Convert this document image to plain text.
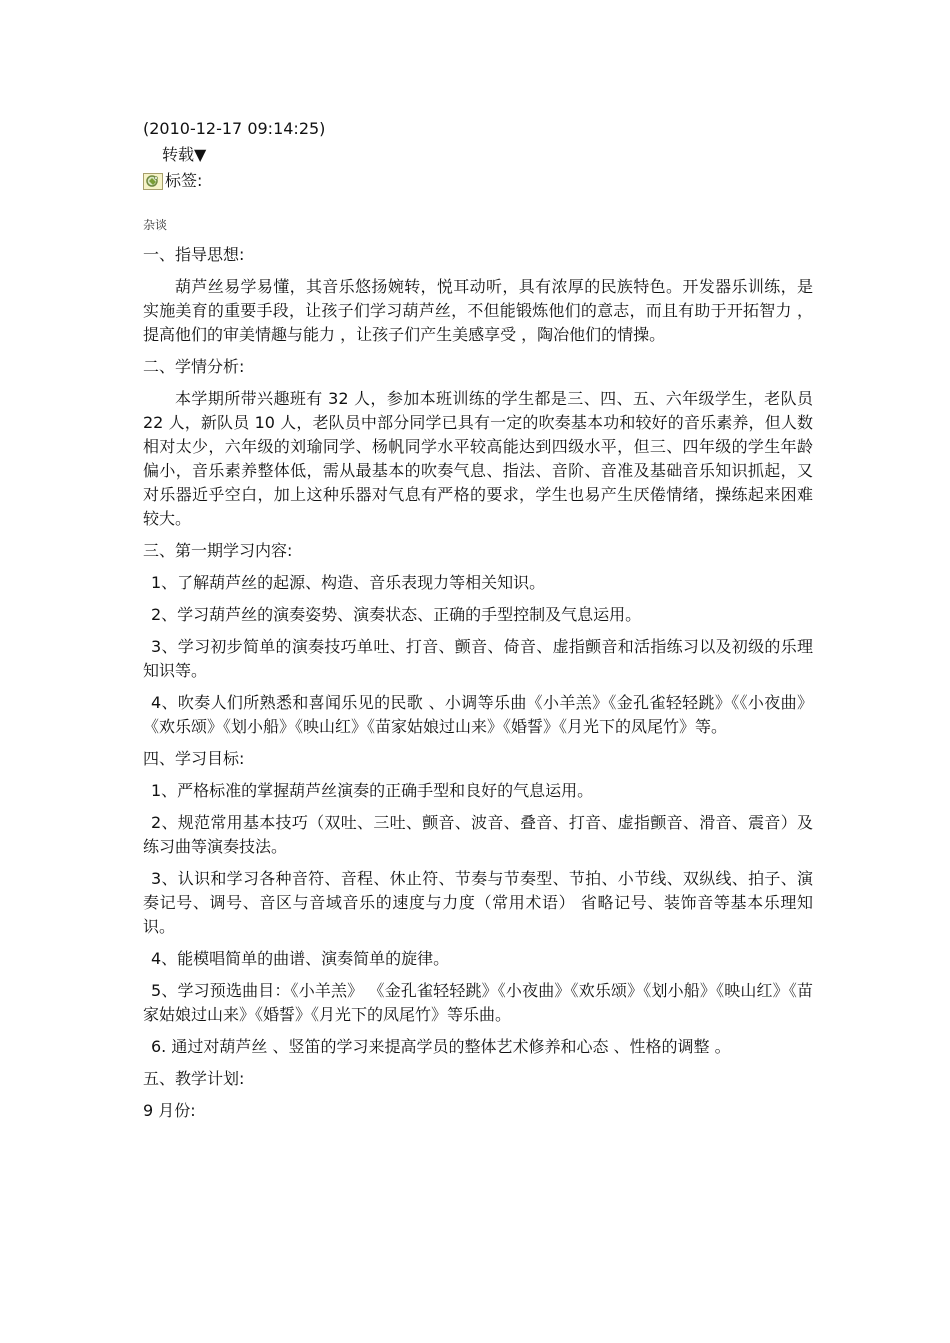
(2010-12-17 09:14:25)
转载▼
标签:
杂谈

一、指导思想:

葫芦丝易学易懂，其音乐悠扬婉转，悦耳动听，具有浓厚的民族特色。开发器乐训练，是实施美育的重要手段，让孩子们学习葫芦丝，不但能锻炼他们的意志，而且有助于开拓智力 ，提高他们的审美情趣与能力 ，让孩子们产生美感享受 ，陶冶他们的情操。

二、学情分析:

本学期所带兴趣班有 32 人，参加本班训练的学生都是三、四、五、六年级学生，老队员 22 人，新队员 10 人，老队员中部分同学已具有一定的吹奏基本功和较好的音乐素养，但人数相对太少，六年级的刘瑜同学、杨帆同学水平较高能达到四级水平，但三、四年级的学生年龄偏小，音乐素养整体低，需从最基本的吹奏气息、指法、音阶、音准及基础音乐知识抓起，又对乐器近乎空白，加上这种乐器对气息有严格的要求，学生也易产生厌倦情绪，操练起来困难较大。

三、第一期学习内容:

1、了解葫芦丝的起源、构造、音乐表现力等相关知识。

2、学习葫芦丝的演奏姿势、演奏状态、正确的手型控制及气息运用。

3、学习初步简单的演奏技巧单吐、打音、颤音、倚音、虚指颤音和活指练习以及初级的乐理知识等。

4、吹奏人们所熟悉和喜闻乐见的民歌 、小调等乐曲《小羊羔》《金孔雀轻轻跳》《《小夜曲》《欢乐颂》《划小船》《映山红》《苗家姑娘过山来》《婚誓》《月光下的凤尾竹》等。

四、学习目标:

1、严格标准的掌握葫芦丝演奏的正确手型和良好的气息运用。

2、规范常用基本技巧（双吐、三吐、颤音、波音、叠音、打音、虚指颤音、滑音、震音）及练习曲等演奏技法。

3、认识和学习各种音符、音程、休止符、节奏与节奏型、节拍、小节线、双纵线、拍子、演奏记号、调号、音区与音域音乐的速度与力度（常用术语） 省略记号、装饰音等基本乐理知识。

4、能模唱简单的曲谱、演奏简单的旋律。

5、学习预选曲目：《小羊羔》 《金孔雀轻轻跳》《小夜曲》《欢乐颂》《划小船》《映山红》《苗家姑娘过山来》《婚誓》《月光下的凤尾竹》等乐曲。

6. 通过对葫芦丝 、竖笛的学习来提高学员的整体艺术修养和心态 、性格的调整 。

五、教学计划:

9 月份:
